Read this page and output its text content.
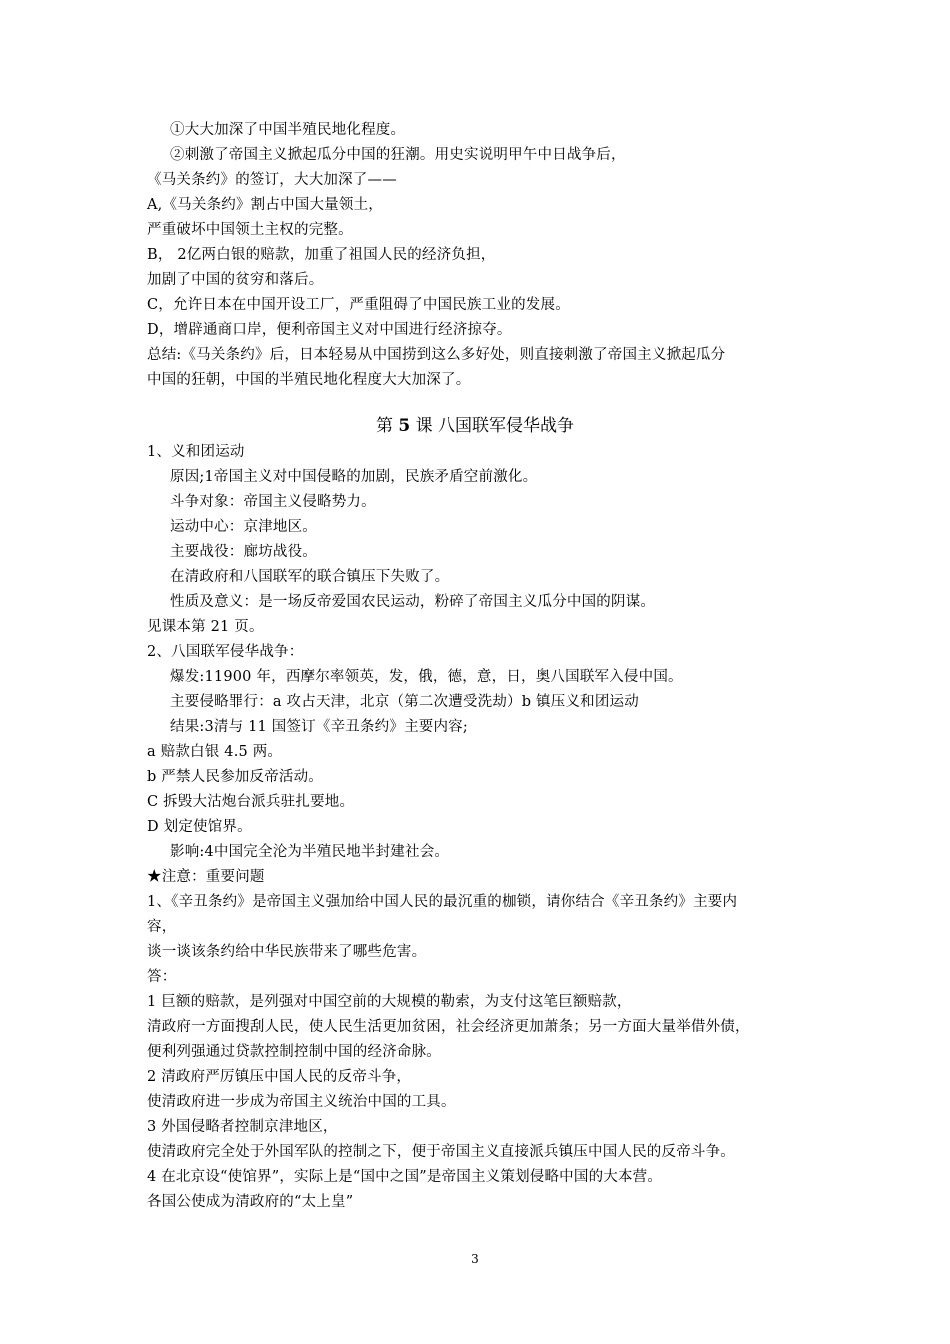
①大大加深了中国半殖民地化程度。
②刺激了帝国主义掀起瓜分中国的狂潮。用史实说明甲午中日战争后，
《马关条约》的签订，大大加深了——
A,《马关条约》割占中国大量领土，
严重破坏中国领土主权的完整。
B， 2亿两白银的赔款，加重了祖国人民的经济负担，
加剧了中国的贫穷和落后。
C，允许日本在中国开设工厂，严重阻碍了中国民族工业的发展。
D，增辟通商口岸，便利帝国主义对中国进行经济掠夺。
总结:《马关条约》后，日本轻易从中国捞到这么多好处，则直接刺激了帝国主义掀起瓜分
中国的狂朝，中国的半殖民地化程度大大加深了。
第 5 课 八国联军侵华战争
1、义和团运动
原因;1帝国主义对中国侵略的加剧，民族矛盾空前激化。
斗争对象：帝国主义侵略势力。
运动中心：京津地区。
主要战役：廊坊战役。
在清政府和八国联军的联合镇压下失败了。
性质及意义：是一场反帝爱国农民运动，粉碎了帝国主义瓜分中国的阴谋。
见课本第 21 页。
2、八国联军侵华战争：
爆发:11900 年，西摩尔率领英，发，俄，德，意，日，奥八国联军入侵中国。
主要侵略罪行：a 攻占天津，北京（第二次遭受洗劫）b 镇压义和团运动
结果:3清与 11 国签订《辛丑条约》主要内容;
a 赔款白银 4.5 两。
b 严禁人民参加反帝活动。
C 拆毁大沽炮台派兵驻扎要地。
D 划定使馆界。
影响:4中国完全沦为半殖民地半封建社会。
★注意：重要问题
1、《辛丑条约》是帝国主义强加给中国人民的最沉重的枷锁，请你结合《辛丑条约》主要内
容，
谈一谈该条约给中华民族带来了哪些危害。
答：
1 巨额的赔款，是列强对中国空前的大规模的勒索，为支付这笔巨额赔款，
清政府一方面搜刮人民，使人民生活更加贫困，社会经济更加萧条；另一方面大量举借外债，
便利列强通过贷款控制控制中国的经济命脉。
2 清政府严厉镇压中国人民的反帝斗争，
使清政府进一步成为帝国主义统治中国的工具。
3 外国侵略者控制京津地区，
使清政府完全处于外国军队的控制之下，便于帝国主义直接派兵镇压中国人民的反帝斗争。
4 在北京设“使馆界”，实际上是“国中之国”是帝国主义策划侵略中国的大本营。
各国公使成为清政府的“太上皇”
3
